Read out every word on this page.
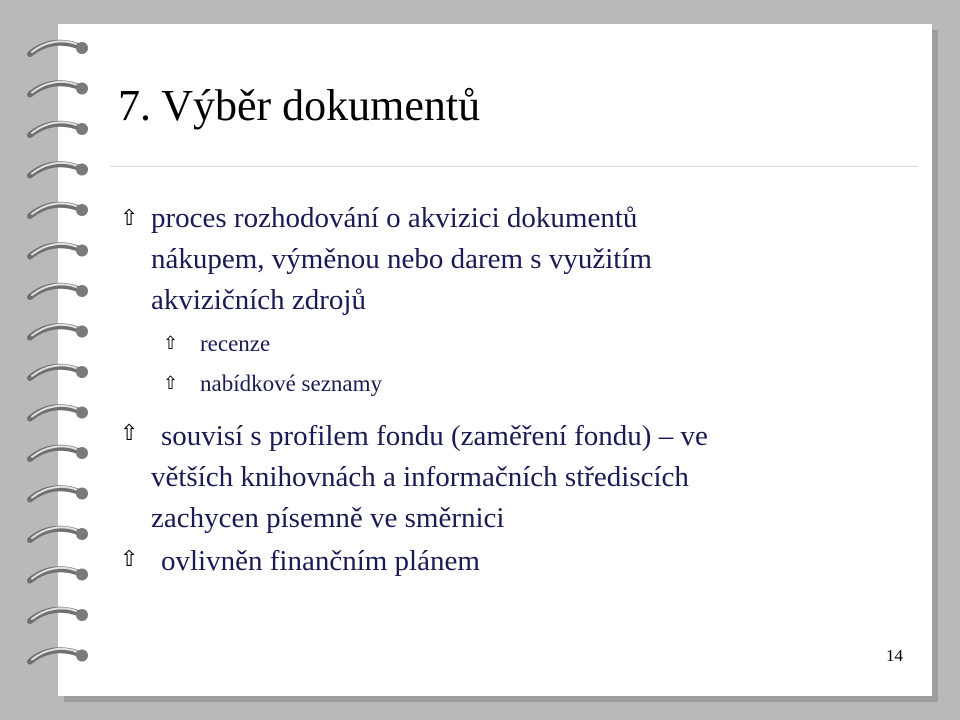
7. Výběr dokumentů
⇧ proces rozhodování o akvizici dokumentů
nákupem, výměnou nebo darem s využitím
akvizičních zdrojů
⇧ recenze
⇧ nabídkové seznamy
⇧ souvisí s profilem fondu (zaměření fondu) – ve
větších knihovnách a informačních střediscích
zachycen písemně ve směrnici
⇧ ovlivněn finančním plánem
14
